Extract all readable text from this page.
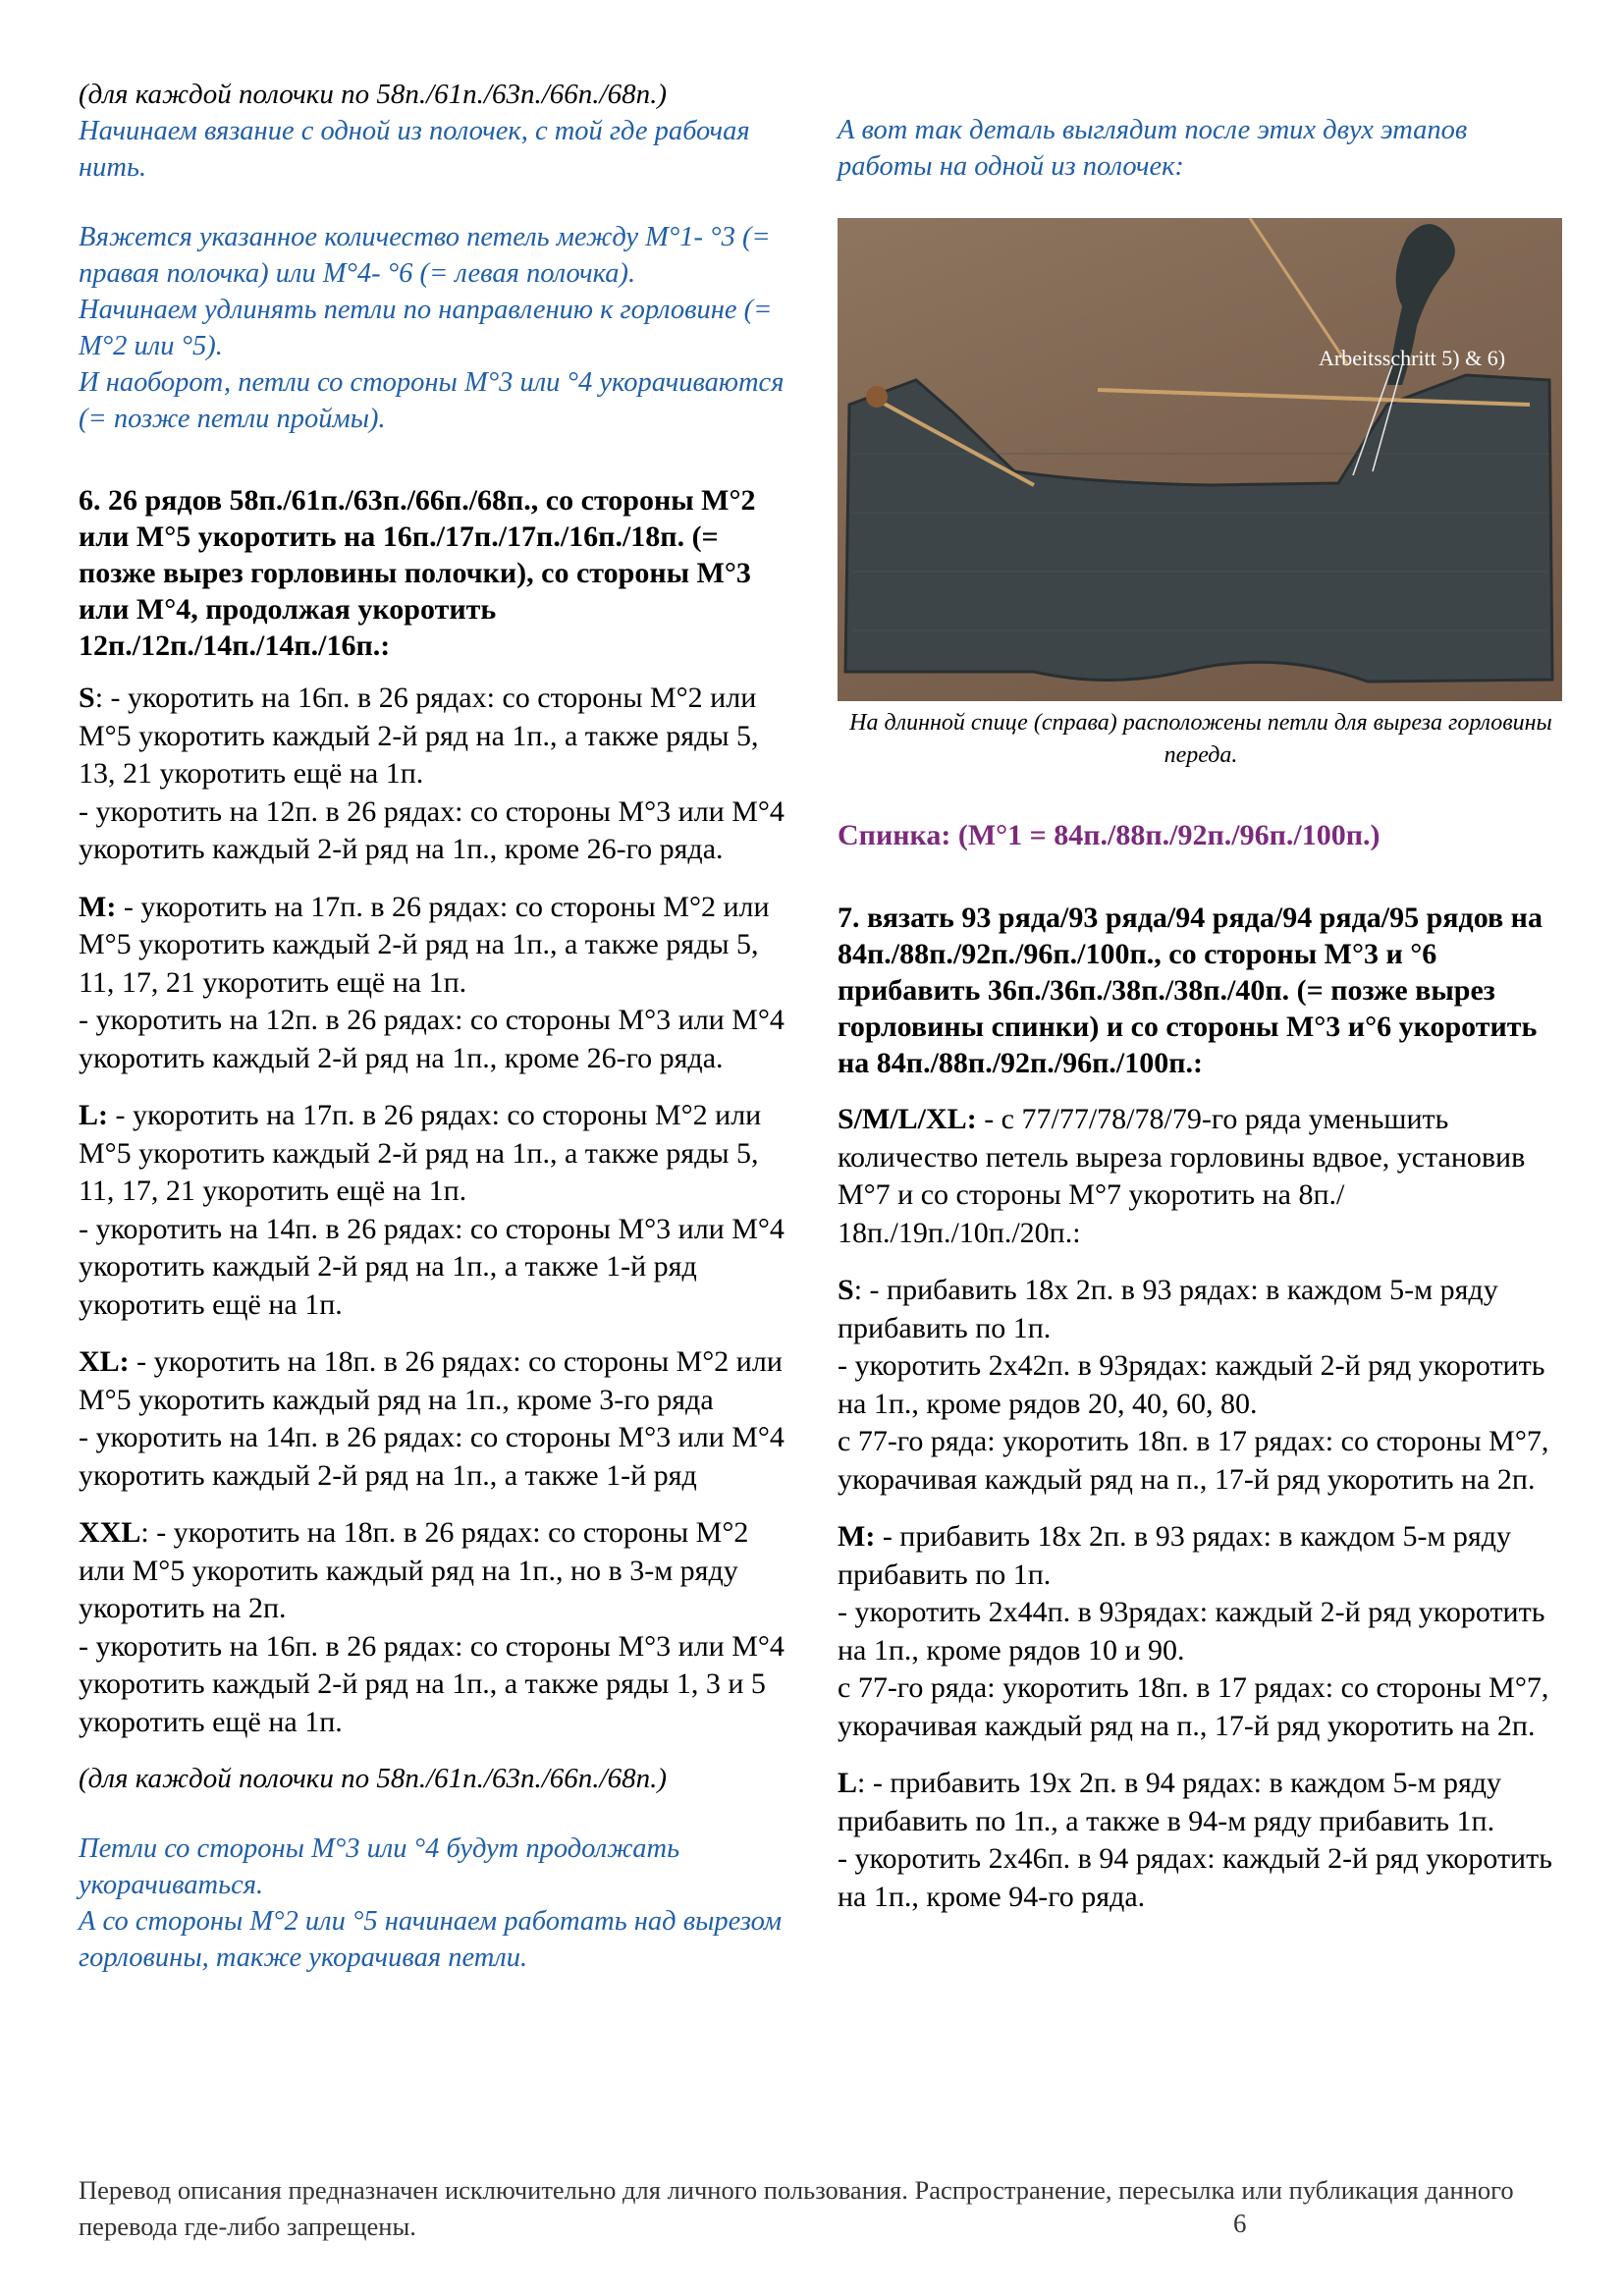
(для каждой полочки по 58п./61п./63п./66п./68п.)

Начинаем вязание с одной из полочек, с той где рабочая нить.

Вяжется указанное количество петель между М°1- °3 (= правая полочка) или М°4- °6 (= левая полочка).

Начинаем удлинять петли по направлению к горловине (= М°2 или °5).

И наоборот, петли со стороны М°3 или °4 укорачиваются (= позже петли проймы).

6. 26 рядов 58п./61п./63п./66п./68п., со стороны М°2 или М°5 укоротить на 16п./17п./17п./16п./18п. (= позже вырез горловины полочки), со стороны М°3 или М°4, продолжая укоротить 12п./12п./14п./14п./16п.:

S: - укоротить на 16п. в 26 рядах: со стороны М°2 или М°5 укоротить каждый 2-й ряд на 1п., а также ряды 5, 13, 21 укоротить ещё на 1п.

- укоротить на 12п. в 26 рядах: со стороны М°3 или М°4 укоротить каждый 2-й ряд на 1п., кроме 26-го ряда.

M: - укоротить на 17п. в 26 рядах: со стороны М°2 или М°5 укоротить каждый 2-й ряд на 1п., а также ряды 5, 11, 17, 21 укоротить ещё на 1п.

- укоротить на 12п. в 26 рядах: со стороны М°3 или М°4 укоротить каждый 2-й ряд на 1п., кроме 26-го ряда.

L: - укоротить на 17п. в 26 рядах: со стороны М°2 или М°5 укоротить каждый 2-й ряд на 1п., а также ряды 5, 11, 17, 21 укоротить ещё на 1п.

- укоротить на 14п. в 26 рядах: со стороны М°3 или М°4 укоротить каждый 2-й ряд на 1п., а также 1-й ряд укоротить ещё на 1п.

XL: - укоротить на 18п. в 26 рядах: со стороны М°2 или М°5 укоротить каждый ряд на 1п., кроме 3-го ряда

- укоротить на 14п. в 26 рядах: со стороны М°3 или М°4 укоротить каждый 2-й ряд на 1п., а также 1-й ряд

XXL: - укоротить на 18п. в 26 рядах: со стороны М°2 или М°5 укоротить каждый ряд на 1п., но в 3-м ряду укоротить на 2п.

- укоротить на 16п. в 26 рядах: со стороны М°3 или М°4 укоротить каждый 2-й ряд на 1п., а также ряды 1, 3 и 5 укоротить ещё на 1п.

(для каждой полочки по 58п./61п./63п./66п./68п.)

Петли со стороны М°3 или °4 будут продолжать укорачиваться.

А со стороны М°2 или °5 начинаем работать над вырезом горловины, также укорачивая петли.

А вот так деталь выглядит после этих двух этапов работы на одной из полочек:

Arbeitsschritt 5) & 6)

На длинной спице (справа) расположены петли для выреза горловины переда.

Спинка: (М°1 = 84п./88п./92п./96п./100п.)

7. вязать 93 ряда/93 ряда/94 ряда/94 ряда/95 рядов на 84п./88п./92п./96п./100п., со стороны М°3 и °6 прибавить 36п./36п./38п./38п./40п. (= позже вырез горловины спинки) и со стороны М°3 и°6 укоротить на 84п./88п./92п./96п./100п.:

S/M/L/XL: - с 77/77/78/78/79-го ряда уменьшить количество петель выреза горловины вдвое, установив М°7 и со стороны М°7 укоротить на 8п./ 18п./19п./10п./20п.:

S: - прибавить 18х 2п. в 93 рядах: в каждом 5-м ряду прибавить по 1п.

- укоротить 2х42п. в 93рядах: каждый 2-й ряд укоротить на 1п., кроме рядов 20, 40, 60, 80.

с 77-го ряда: укоротить 18п. в 17 рядах: со стороны М°7, укорачивая каждый ряд на п., 17-й ряд укоротить на 2п.

M: - прибавить 18х 2п. в 93 рядах: в каждом 5-м ряду прибавить по 1п.

- укоротить 2х44п. в 93рядах: каждый 2-й ряд укоротить на 1п., кроме рядов 10 и 90.

с 77-го ряда: укоротить 18п. в 17 рядах: со стороны М°7, укорачивая каждый ряд на п., 17-й ряд укоротить на 2п.

L: - прибавить 19х 2п. в 94 рядах: в каждом 5-м ряду прибавить по 1п., а также в 94-м ряду прибавить 1п.

- укоротить 2х46п. в 94 рядах: каждый 2-й ряд укоротить на 1п., кроме 94-го ряда.

Перевод описания предназначен исключительно для личного пользования. Распространение, пересылка или публикация данного перевода где-либо запрещены.	6
